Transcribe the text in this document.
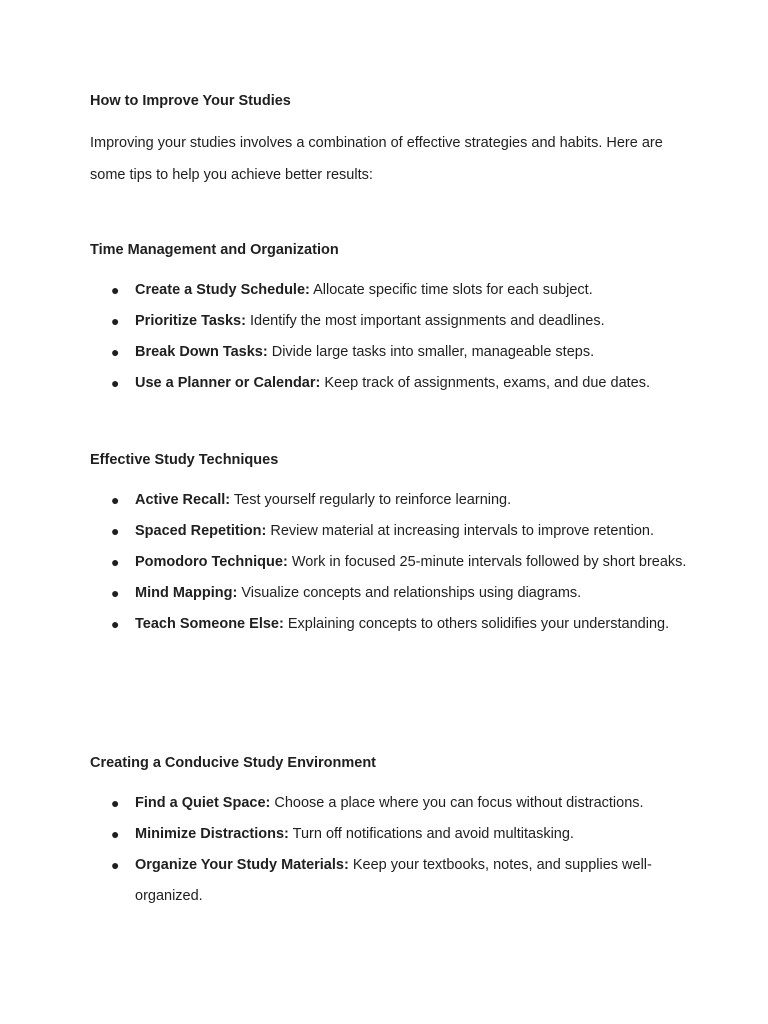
How to Improve Your Studies

Improving your studies involves a combination of effective strategies and habits. Here are some tips to help you achieve better results:

Time Management and Organization
● Create a Study Schedule: Allocate specific time slots for each subject.
● Prioritize Tasks: Identify the most important assignments and deadlines.
● Break Down Tasks: Divide large tasks into smaller, manageable steps.
● Use a Planner or Calendar: Keep track of assignments, exams, and due dates.
Effective Study Techniques
● Active Recall: Test yourself regularly to reinforce learning.
● Spaced Repetition: Review material at increasing intervals to improve retention.
● Pomodoro Technique: Work in focused 25-minute intervals followed by short breaks.
● Mind Mapping: Visualize concepts and relationships using diagrams.
● Teach Someone Else: Explaining concepts to others solidifies your understanding.
Creating a Conducive Study Environment
● Find a Quiet Space: Choose a place where you can focus without distractions.
● Minimize Distractions: Turn off notifications and avoid multitasking.
● Organize Your Study Materials: Keep your textbooks, notes, and supplies well-organized.
